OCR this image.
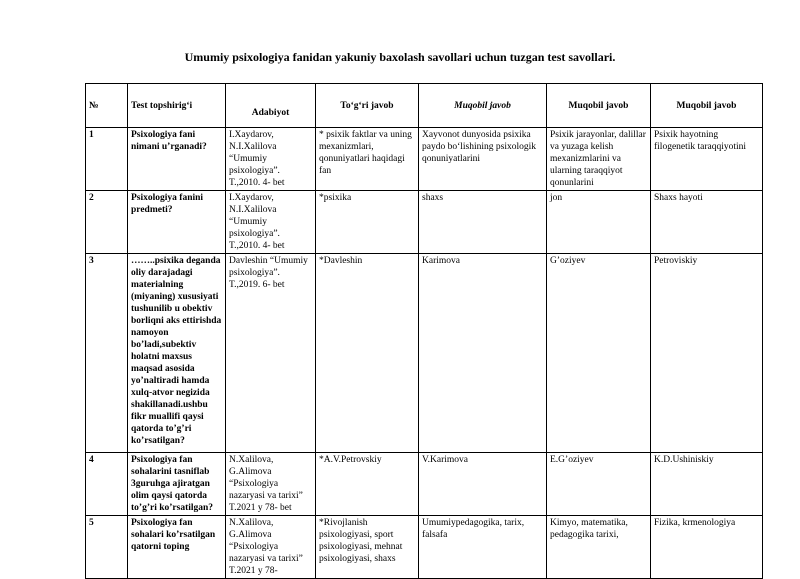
Umumiy psixologiya fanidan yakuniy baxolash savollari uchun tuzgan test savollari.
№	Test topshirig‘i	Adabiyot	To‘g‘ri javob	Muqobil javob	Muqobil javob	Muqobil javob
1	Psixologiya fani nimani u’rganadi?	I.Xaydarov, N.I.Xalilova “Umumiy psixologiya”. T.,2010. 4- bet	* psixik faktlar va uning mexanizmlari, qonuniyatlari haqidagi fan	Xayvonot dunyosida psixika paydo bo‘lishining psixologik qonuniyatlarini	Psixik jarayonlar, dalillar va yuzaga kelish mexanizmlarini va ularning taraqqiyot qonunlarini	Psixik hayotning filogenetik taraqqiyotini
2	Psixologiya fanini predmeti?	I.Xaydarov, N.I.Xalilova “Umumiy psixologiya”. T.,2010. 4- bet	*psixika	shaxs	jon	Shaxs hayoti
3	……..psixika deganda oliy darajadagi materialning (miyaning) xususiyati tushunilib u obektiv borliqni aks ettirishda namoyon bo’ladi,subektiv holatni maxsus maqsad asosida yo’naltiradi hamda xulq-atvor negizida shakillanadi.ushbu fikr muallifi qaysi qatorda to’g’ri ko’rsatilgan?	Davleshin “Umumiy psixologiya”. T.,2019. 6- bet	*Davleshin	Karimova	G’oziyev	Petroviskiy
4	Psixologiya fan sohalarini tasniflab 3guruhga ajiratgan olim qaysi qatorda to’g’ri ko’rsatilgan?	N.Xalilova, G.Alimova “Psixologiya nazaryasi va tarixi” T.2021 y 78- bet	*A.V.Petrovskiy	V.Karimova	E.G’oziyev	K.D.Ushiniskiy
5	Psixologiya fan sohalari ko’rsatilgan qatorni toping	N.Xalilova, G.Alimova “Psixologiya nazaryasi va tarixi” T.2021 y 78-	*Rivojlanish psixologiyasi, sport psixologiyasi, mehnat psixologiyasi, shaxs	Umumiypedagogika, tarix, falsafa	Kimyo, matematika, pedagogika tarixi,	Fizika, krmenologiya
